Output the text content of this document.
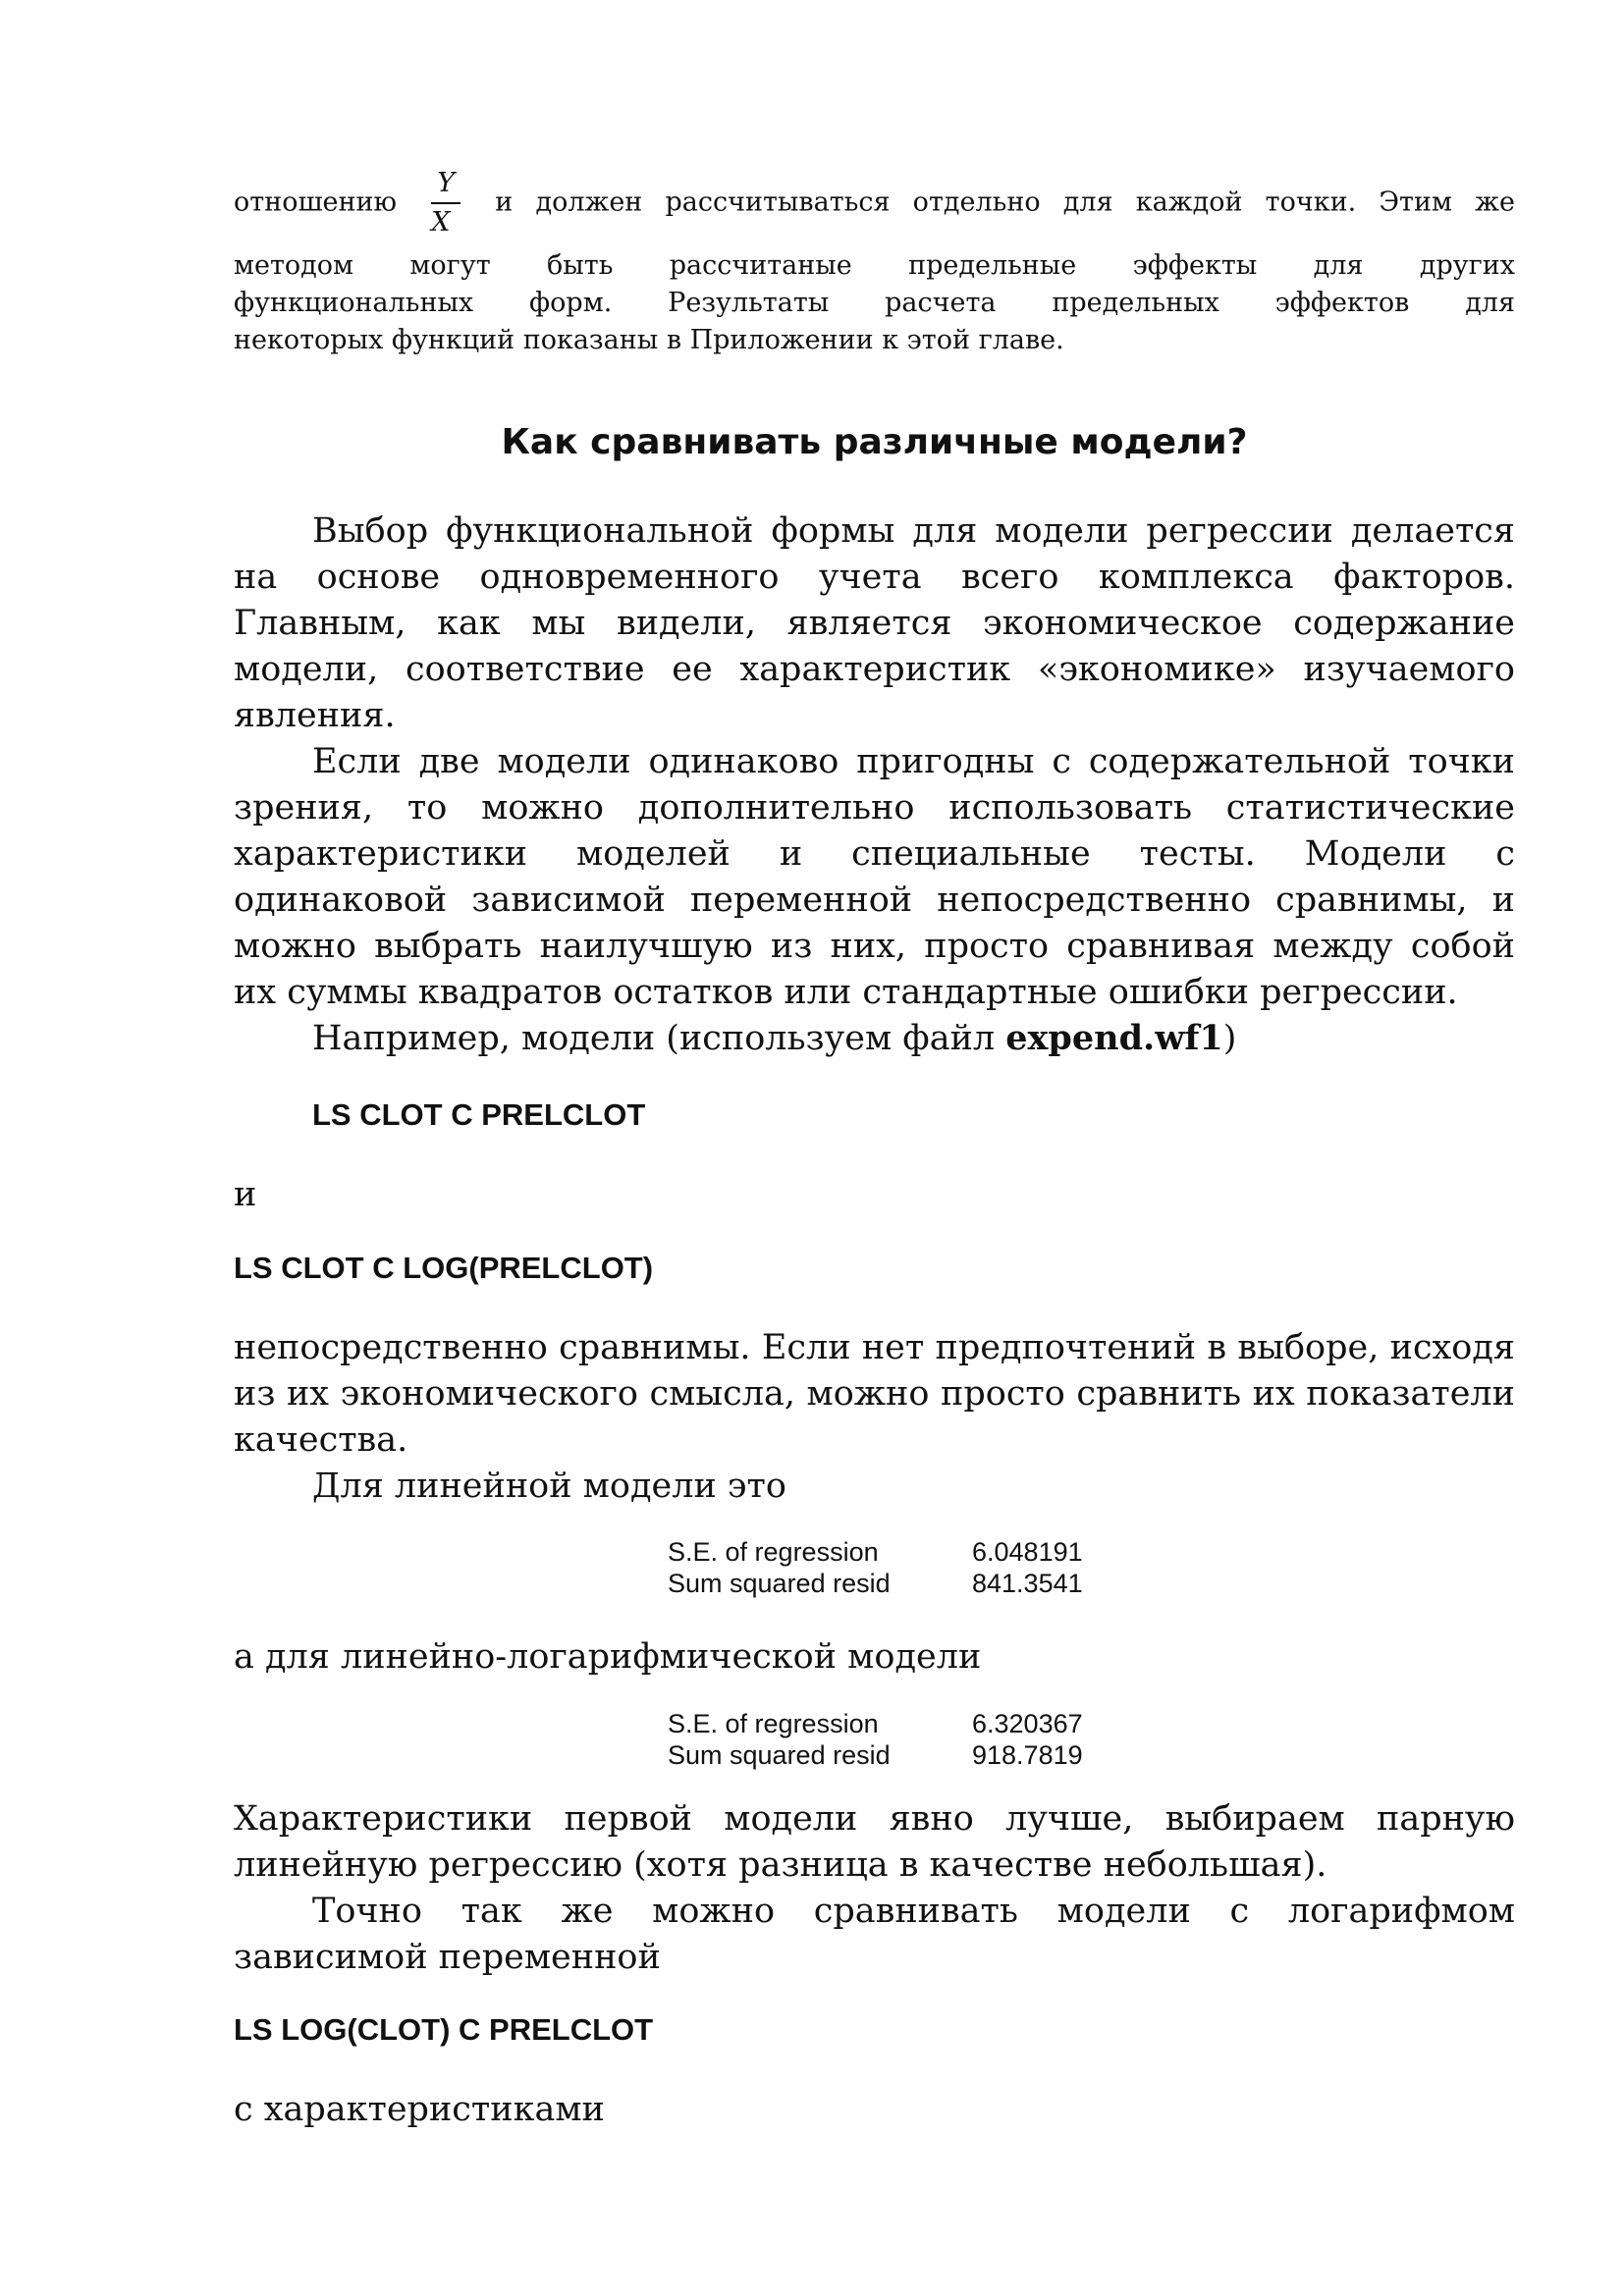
отношению $\frac{Y}{X}$ и должен рассчитываться отдельно для каждой точки. Этим же
методом могут быть рассчитаные предельные эффекты для других
функциональных форм. Результаты расчета предельных эффектов для
некоторых функций показаны в Приложении к этой главе.
Как сравнивать различные модели?
Выбор функциональной формы для модели регрессии делается
на основе одновременного учета всего комплекса факторов.
Главным, как мы видели, является экономическое содержание
модели, соответствие ее характеристик «экономике» изучаемого
явления.
Если две модели одинаково пригодны с содержательной точки
зрения, то можно дополнительно использовать статистические
характеристики моделей и специальные тесты. Модели с
одинаковой зависимой переменной непосредственно сравнимы, и
можно выбрать наилучшую из них, просто сравнивая между собой
их суммы квадратов остатков или стандартные ошибки регрессии.
Например, модели (используем файл expend.wf1)
LS CLOT C PRELCLOT
и
LS CLOT C LOG(PRELCLOT)
непосредственно сравнимы. Если нет предпочтений в выборе, исходя
из их экономического смысла, можно просто сравнить их показатели
качества.
Для линейной модели это
S.E. of regression	6.048191
Sum squared resid	841.3541
а для линейно-логарифмической модели
S.E. of regression	6.320367
Sum squared resid	918.7819
Характеристики первой модели явно лучше, выбираем парную
линейную регрессию (хотя разница в качестве небольшая).
Точно так же можно сравнивать модели с логарифмом
зависимой переменной
LS LOG(CLOT) C PRELCLOT
с характеристиками
